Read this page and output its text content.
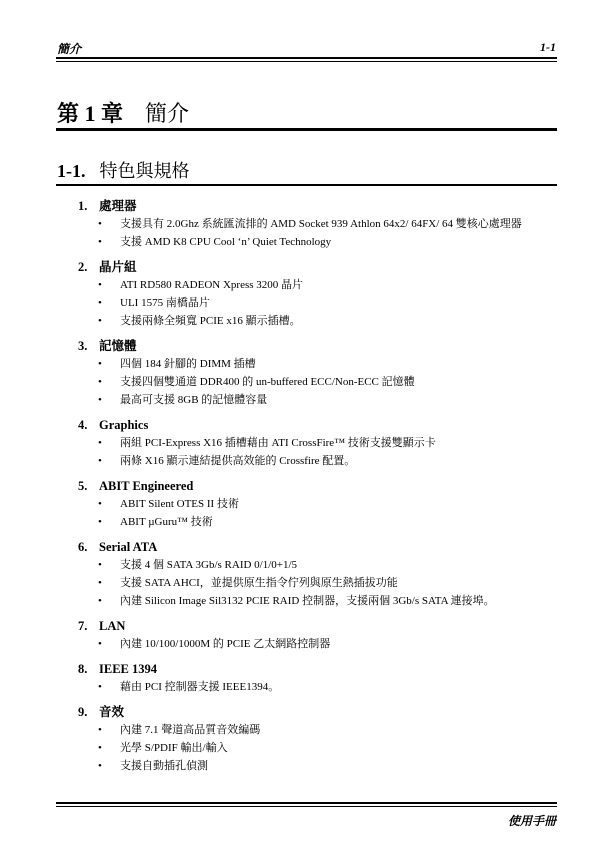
簡介	1-1
第 1 章 簡介
1-1. 特色與規格
1. 處理器
•	支援具有 2.0Ghz 系統匯流排的 AMD Socket 939 Athlon 64x2/ 64FX/ 64 雙核心處理器
•	支援 AMD K8 CPU Cool ‘n’ Quiet Technology
2. 晶片組
•	ATI RD580 RADEON Xpress 3200 晶片
•	ULI 1575 南橋晶片
•	支援兩條全頻寬 PCIE x16 顯示插槽。
3. 記憶體
•	四個 184 針腳的 DIMM 插槽
•	支援四個雙通道 DDR400 的 un-buffered ECC/Non-ECC 記憶體
•	最高可支援 8GB 的記憶體容量
4. Graphics
•	兩組 PCI-Express X16 插槽藉由 ATI CrossFire™ 技術支援雙顯示卡
•	兩條 X16 顯示連結提供高效能的 Crossfire 配置。
5. ABIT Engineered
•	ABIT Silent OTES II 技術
•	ABIT µGuru™ 技術
6. Serial ATA
•	支援 4 個 SATA 3Gb/s RAID 0/1/0+1/5
•	支援 SATA AHCI，並提供原生指令佇列與原生熱插拔功能
•	內建 Silicon Image Sil3132 PCIE RAID 控制器，支援兩個 3Gb/s SATA 連接埠。
7. LAN
•	內建 10/100/1000M 的 PCIE 乙太網路控制器
8. IEEE 1394
•	藉由 PCI 控制器支援 IEEE1394。
9. 音效
•	內建 7.1 聲道高品質音效編碼
•	光學 S/PDIF 輸出/輸入
•	支援自動插孔偵測
使用手冊
